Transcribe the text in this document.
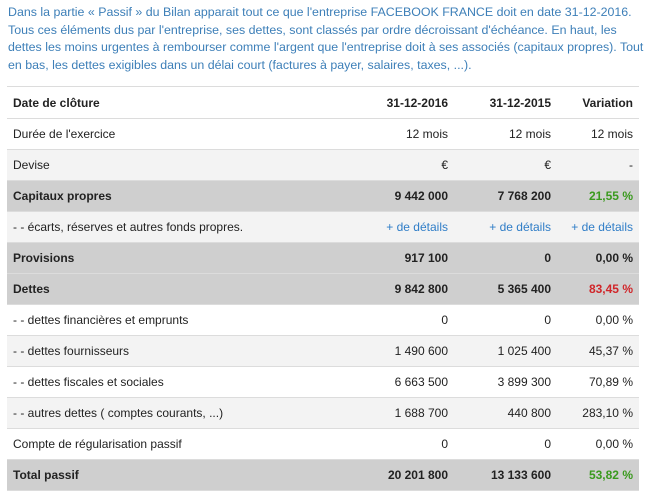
Dans la partie « Passif » du Bilan apparait tout ce que l'entreprise FACEBOOK FRANCE doit en date 31-12-2016. Tous ces éléments dus par l'entreprise, ses dettes, sont classés par ordre décroissant d'échéance. En haut, les dettes les moins urgentes à rembourser comme l'argent que l'entreprise doit à ses associés (capitaux propres). Tout en bas, les dettes exigibles dans un délai court (factures à payer, salaires, taxes, ...).

Date de clôture	31-12-2016	31-12-2015	Variation
Durée de l'exercice	12 mois	12 mois	12 mois
Devise	€	€	-
Capitaux propres	9 442 000	7 768 200	21,55 %
- - écarts, réserves et autres fonds propres.	+ de détails	+ de détails	+ de détails
Provisions	917 100	0	0,00 %
Dettes	9 842 800	5 365 400	83,45 %
- - dettes financières et emprunts	0	0	0,00 %
- - dettes fournisseurs	1 490 600	1 025 400	45,37 %
- - dettes fiscales et sociales	6 663 500	3 899 300	70,89 %
- - autres dettes ( comptes courants, ...)	1 688 700	440 800	283,10 %
Compte de régularisation passif	0	0	0,00 %
Total passif	20 201 800	13 133 600	53,82 %
